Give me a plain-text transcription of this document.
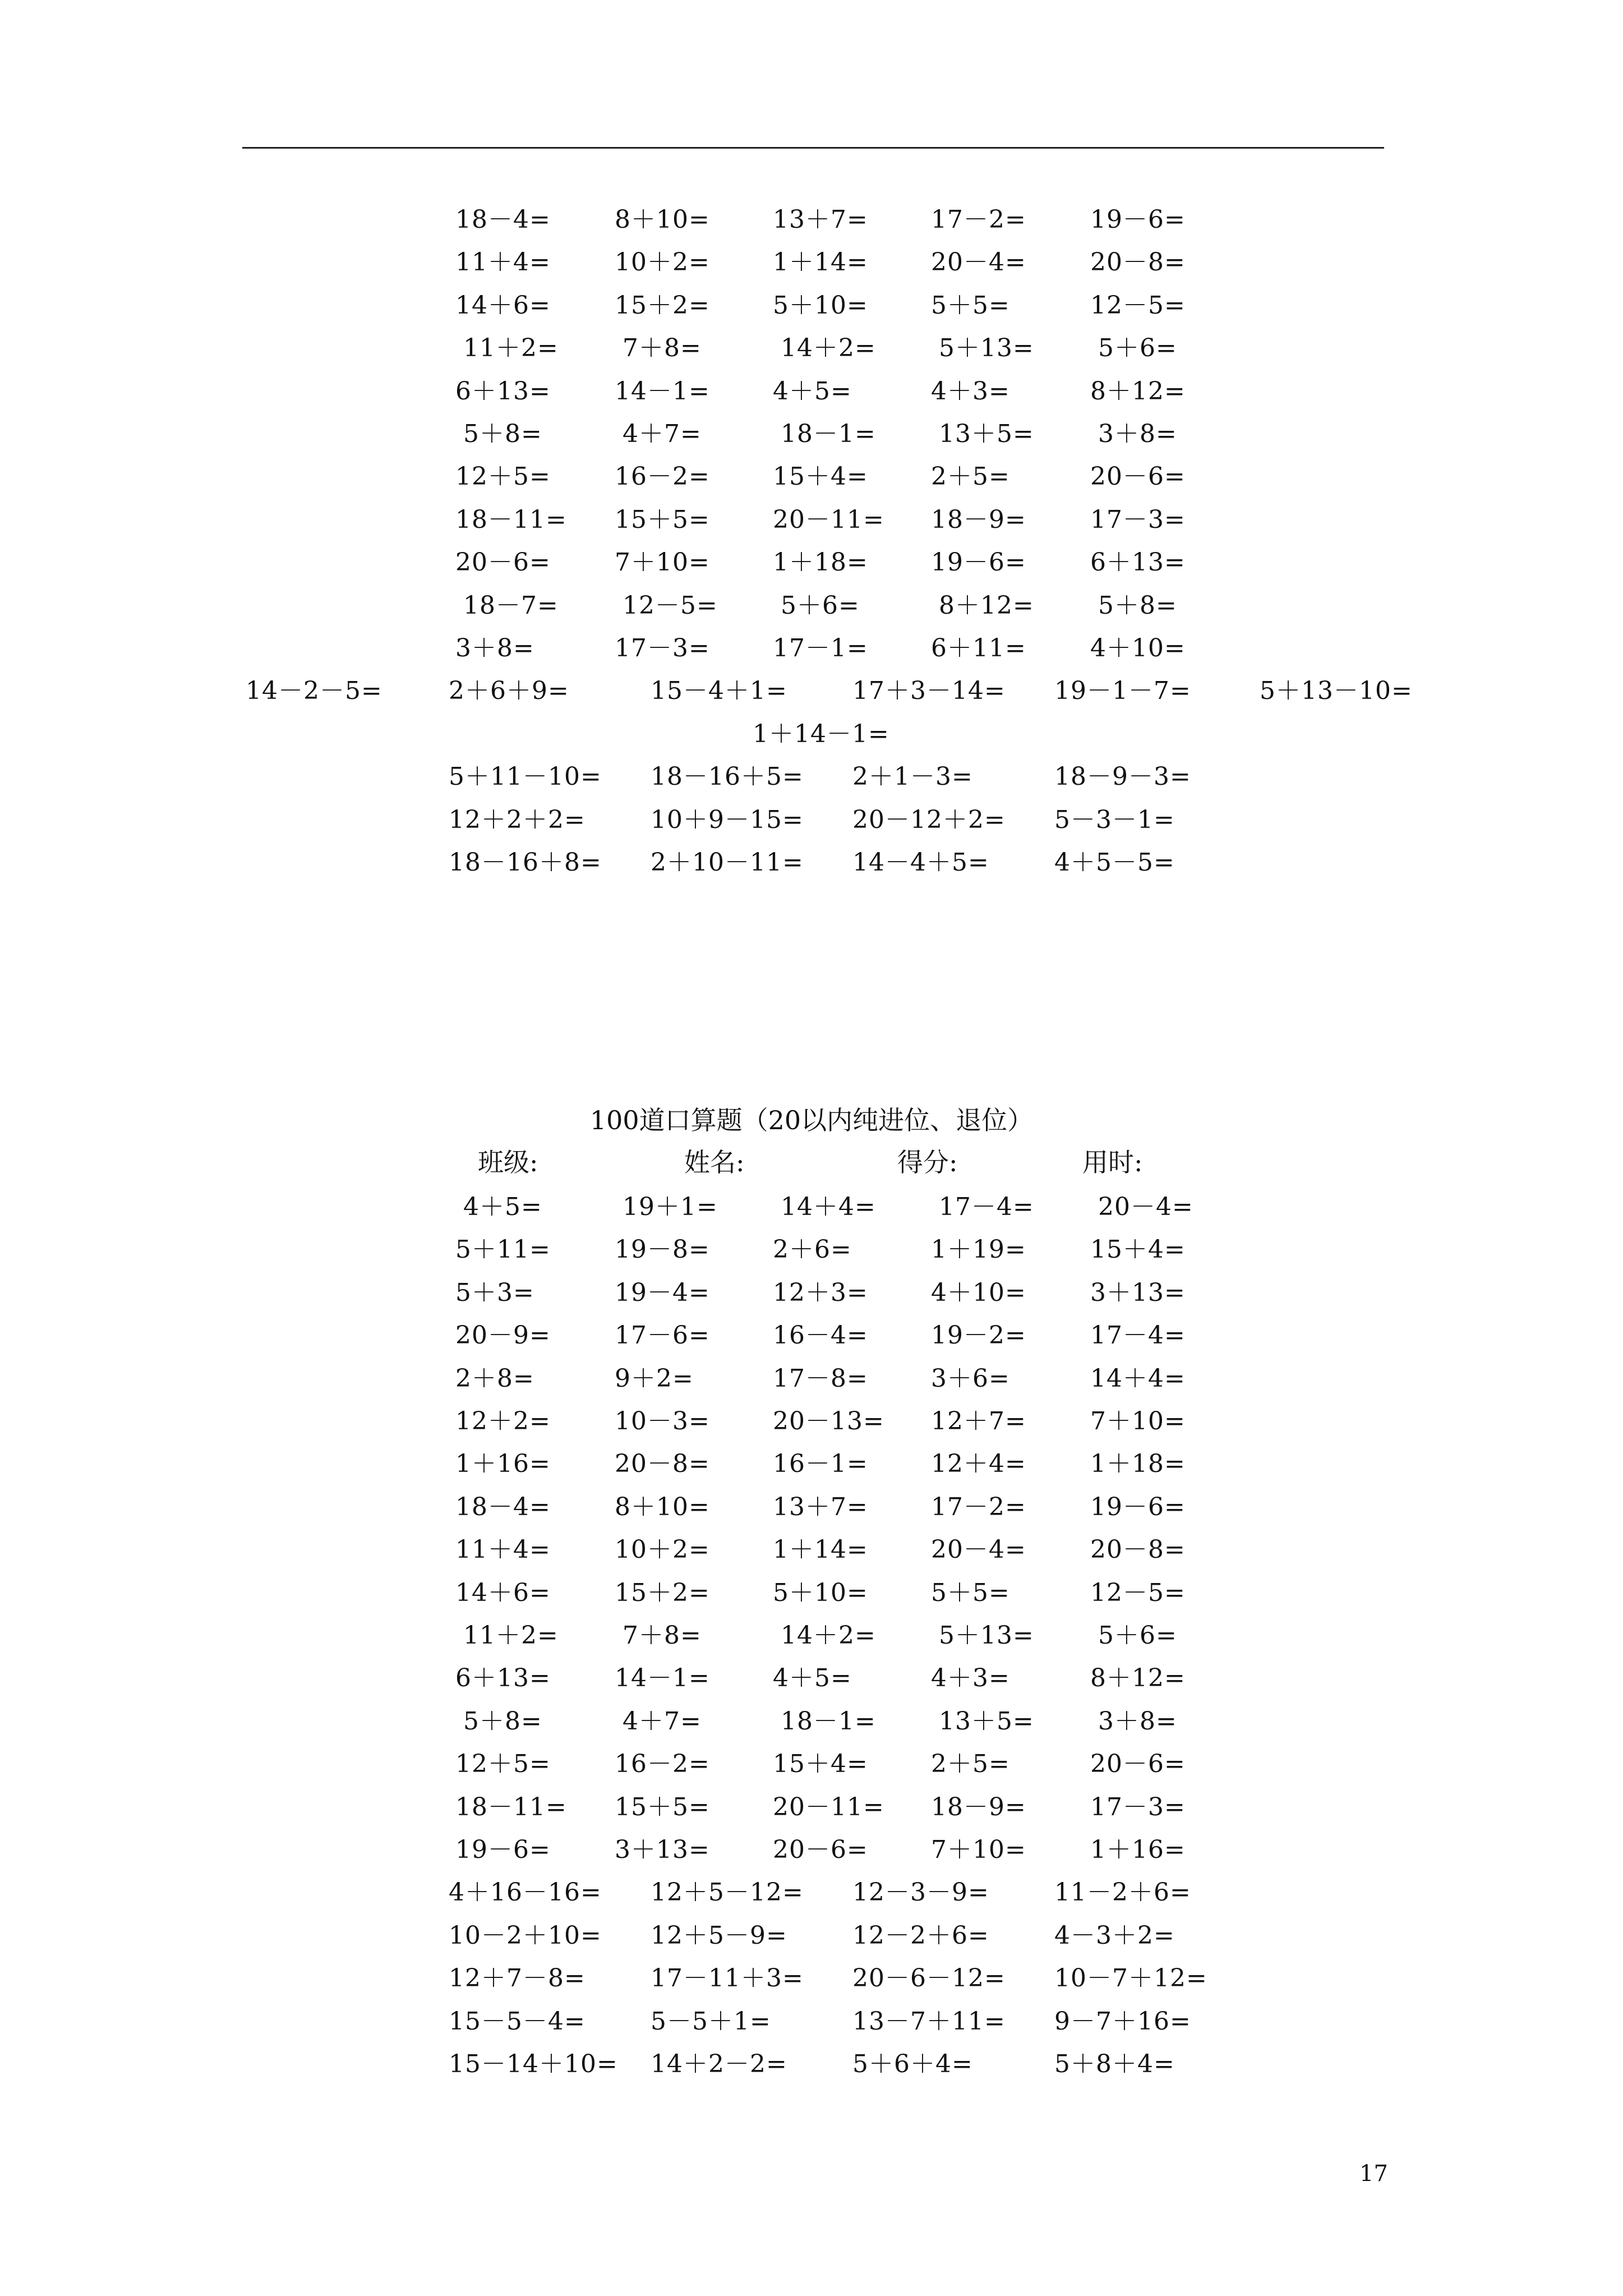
18－4=	8＋10=	13＋7=	17－2=	19－6=
11＋4=	10＋2=	1＋14=	20－4=	20－8=
14＋6=	15＋2=	5＋10=	5＋5=	12－5=
11＋2=	7＋8=	14＋2=	5＋13=	5＋6=
6＋13=	14－1=	4＋5=	4＋3=	8＋12=
5＋8=	4＋7=	18－1=	13＋5=	3＋8=
12＋5=	16－2=	15＋4=	2＋5=	20－6=
18－11= 15＋5=	20－11= 18－9=	17－3=
20－6=	7＋10=	1＋18=	19－6=	6＋13=
18－7=	12－5=	5＋6=	8＋12=	5＋8=
3＋8=	17－3=	17－1=	6＋11=	4＋10=
14－2－5=	2＋6＋9=	15－4＋1=	17＋3－14= 19－1－7=	5＋13－10=
1＋14－1=
5＋11－10= 18－16＋5= 2＋1－3=	18－9－3=
12＋2＋2=	10＋9－15= 20－12＋2= 5－3－1=
18－16＋8= 2＋10－11= 14－4＋5=	4＋5－5=
100道口算题（20以内纯进位、退位）
班级:	姓名:	得分:	用时:
4＋5=	19＋1=	14＋4=	17－4=	20－4=
5＋11=	19－8=	2＋6=	1＋19=	15＋4=
5＋3=	19－4=	12＋3=	4＋10=	3＋13=
20－9=	17－6=	16－4=	19－2=	17－4=
2＋8=	9＋2=	17－8=	3＋6=	14＋4=
12＋2=	10－3=	20－13= 12＋7=	7＋10=
1＋16=	20－8=	16－1=	12＋4=	1＋18=
18－4=	8＋10=	13＋7=	17－2=	19－6=
11＋4=	10＋2=	1＋14=	20－4=	20－8=
14＋6=	15＋2=	5＋10=	5＋5=	12－5=
11＋2=	7＋8=	14＋2=	5＋13=	5＋6=
6＋13=	14－1=	4＋5=	4＋3=	8＋12=
5＋8=	4＋7=	18－1=	13＋5=	3＋8=
12＋5=	16－2=	15＋4=	2＋5=	20－6=
18－11= 15＋5=	20－11= 18－9=	17－3=
19－6=	3＋13=	20－6=	7＋10=	1＋16=
4＋16－16= 12＋5－12= 12－3－9=	11－2＋6=
10－2＋10= 12＋5－9=	12－2＋6=	4－3＋2=
12＋7－8=	17－11＋3= 20－6－12= 10－7＋12=
15－5－4=	5－5＋1=	13－7＋11= 9－7＋16=
15－14＋10= 14＋2－2=	5＋6＋4=	5＋8＋4=
17
